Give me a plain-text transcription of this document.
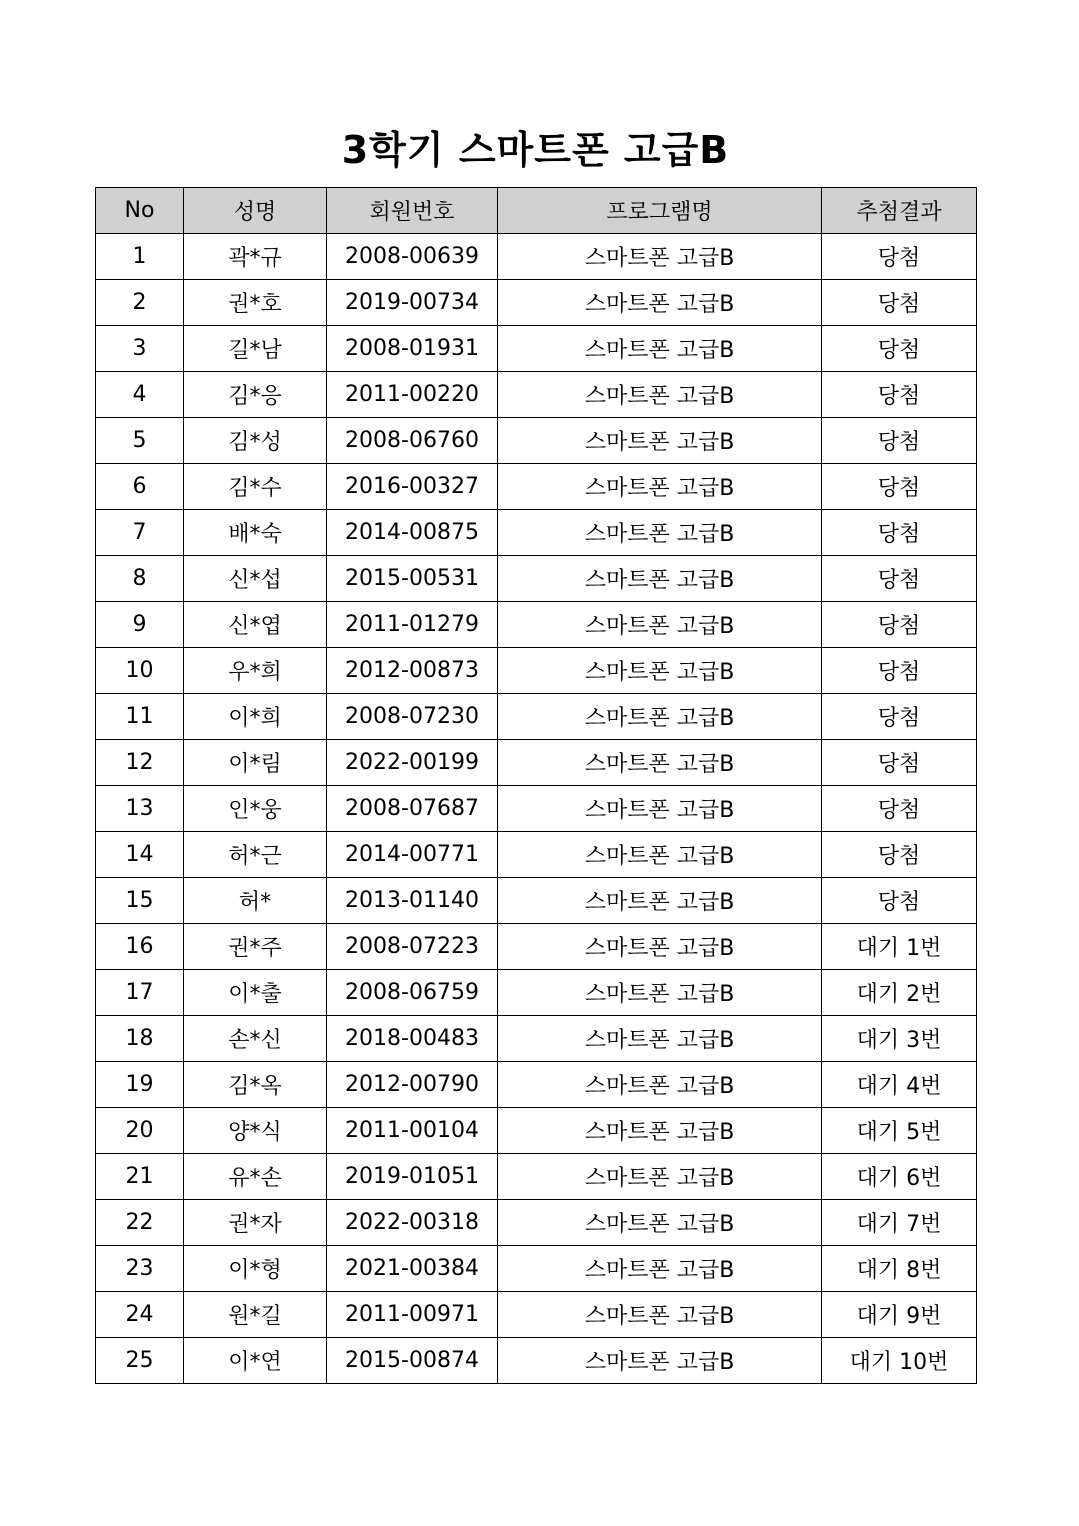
3학기 스마트폰 고급B
No	성명	회원번호	프로그램명	추첨결과
1	곽*규	2008-00639	스마트폰 고급B	당첨
2	권*호	2019-00734	스마트폰 고급B	당첨
3	길*남	2008-01931	스마트폰 고급B	당첨
4	김*응	2011-00220	스마트폰 고급B	당첨
5	김*성	2008-06760	스마트폰 고급B	당첨
6	김*수	2016-00327	스마트폰 고급B	당첨
7	배*숙	2014-00875	스마트폰 고급B	당첨
8	신*섭	2015-00531	스마트폰 고급B	당첨
9	신*엽	2011-01279	스마트폰 고급B	당첨
10	우*희	2012-00873	스마트폰 고급B	당첨
11	이*희	2008-07230	스마트폰 고급B	당첨
12	이*림	2022-00199	스마트폰 고급B	당첨
13	인*웅	2008-07687	스마트폰 고급B	당첨
14	허*근	2014-00771	스마트폰 고급B	당첨
15	허*	2013-01140	스마트폰 고급B	당첨
16	권*주	2008-07223	스마트폰 고급B	대기 1번
17	이*출	2008-06759	스마트폰 고급B	대기 2번
18	손*신	2018-00483	스마트폰 고급B	대기 3번
19	김*옥	2012-00790	스마트폰 고급B	대기 4번
20	양*식	2011-00104	스마트폰 고급B	대기 5번
21	유*손	2019-01051	스마트폰 고급B	대기 6번
22	권*자	2022-00318	스마트폰 고급B	대기 7번
23	이*형	2021-00384	스마트폰 고급B	대기 8번
24	원*길	2011-00971	스마트폰 고급B	대기 9번
25	이*연	2015-00874	스마트폰 고급B	대기 10번
